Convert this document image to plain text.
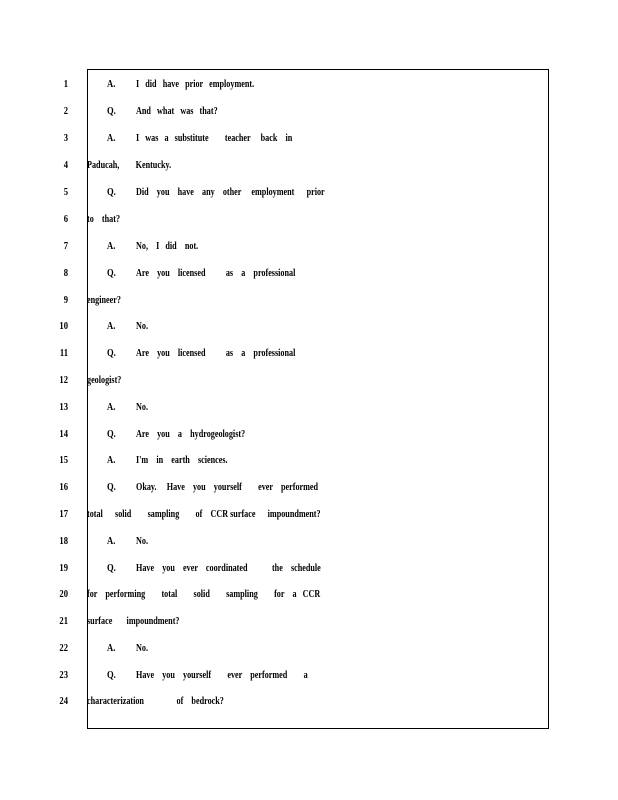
1	A. I   did   have   prior   employment.
2	Q. And   what   was   that?
3	A. I   was   a   substitute        teacher     back    in
4 Paducah,        Kentucky.
5	Q. Did    you    have    any    other     employment      prior
6 to    that?
7	A. No,    I   did    not.
8	Q. Are    you    licensed          as    a    professional
9 engineer?
10	A. No.
11	Q. Are    you    licensed          as    a    professional
12 geologist?
13	A. No.
14	Q. Are    you    a    hydrogeologist?
15	A. I'm    in    earth    sciences.
16	Q. Okay.     Have    you    yourself        ever    performed
17 total      solid        sampling        of    CCR surface      impoundment?
18	A. No.
19	Q. Have    you    ever    coordinated            the    schedule
20 for    performing        total        solid        sampling        for    a   CCR
21 surface       impoundment?
22	A. No.
23	Q. Have    you    yourself        ever    performed        a
24 characterization                of    bedrock?
